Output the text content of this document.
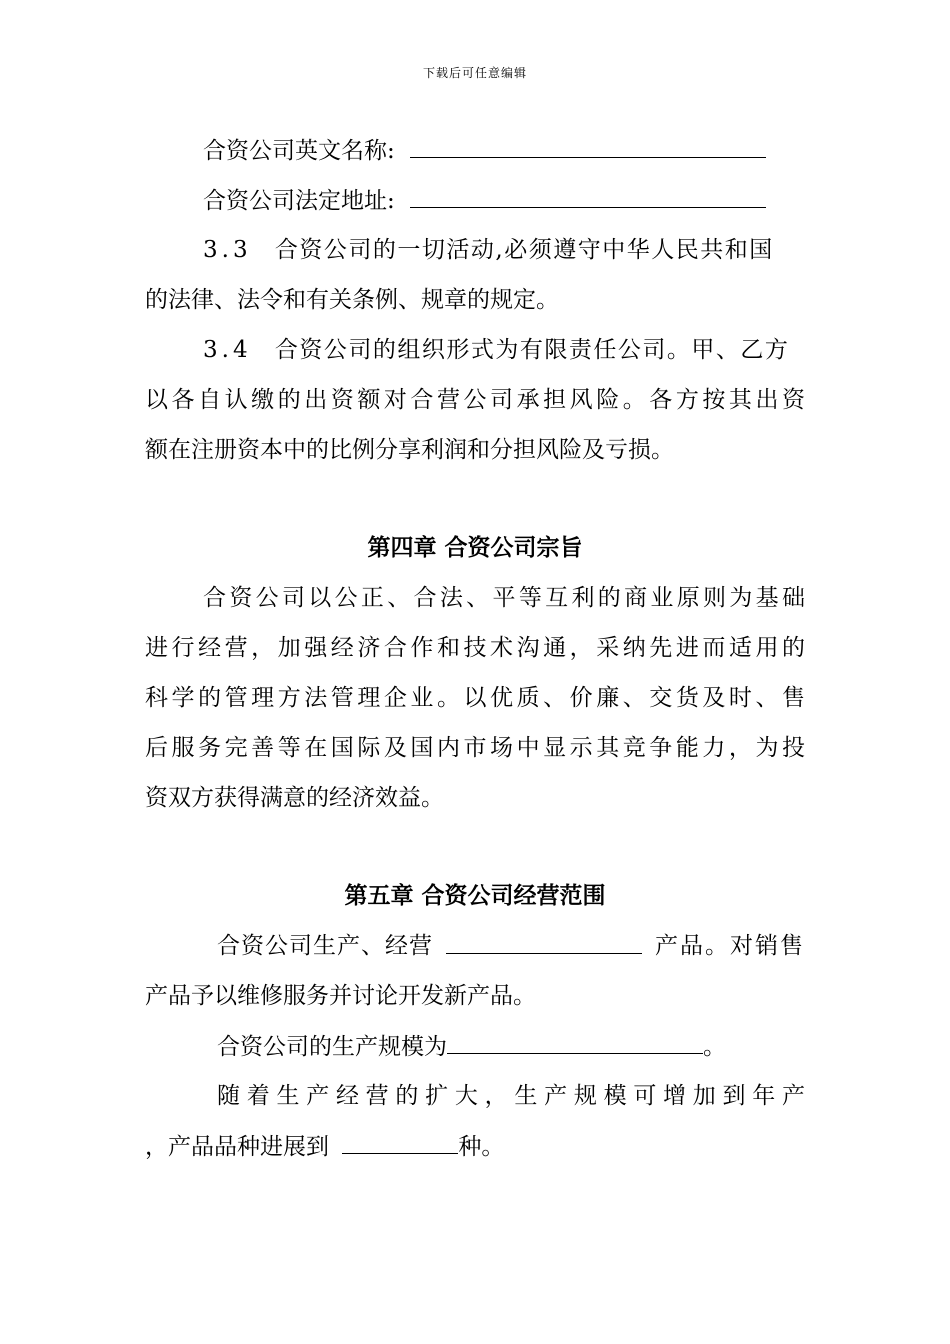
下载后可任意编辑
合资公司英文名称:
合资公司法定地址:
3.3 合资公司的一切活动,必须遵守中华人民共和国
的法律、法令和有关条例、规章的规定。
3.4 合资公司的组织形式为有限责任公司。甲、乙方
以各自认缴的出资额对合营公司承担风险。各方按其出资
额在注册资本中的比例分享利润和分担风险及亏损。
第四章 合资公司宗旨
合资公司以公正、合法、平等互利的商业原则为基础
进行经营，加强经济合作和技术沟通，采纳先进而适用的
科学的管理方法管理企业。以优质、价廉、交货及时、售
后服务完善等在国际及国内市场中显示其竞争能力，为投
资双方获得满意的经济效益。
第五章 合资公司经营范围
合资公司生产、经营	产品。对销售
产品予以维修服务并讨论开发新产品。
合资公司的生产规模为	。
随着生产经营的扩大，生产规模可增加到年产
，产品品种进展到	种。
